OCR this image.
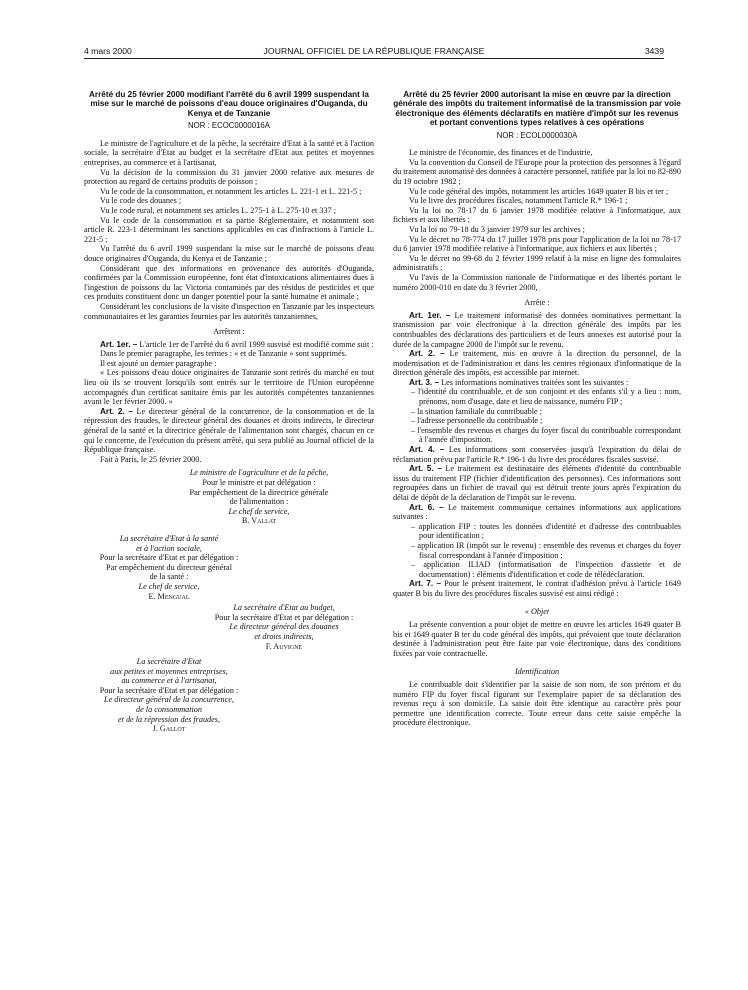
4 mars 2000	JOURNAL OFFICIEL DE LA RÉPUBLIQUE FRANÇAISE	3439
Arrêté du 25 février 2000 modifiant l'arrêté du 6 avril 1999 suspendant la mise sur le marché de poissons d'eau douce originaires d'Ouganda, du Kenya et de Tanzanie
NOR : ECOC0000016A

Le ministre de l'agriculture et de la pêche, la secrétaire d'Etat à la santé et à l'action sociale, la secrétaire d'Etat au budget et la secrétaire d'Etat aux petites et moyennes entreprises, au commerce et à l'artisanat,

Vu la décision de la commission du 31 janvier 2000 relative aux mesures de protection au regard de certains produits de poisson ;

Vu le code de la consommation, et notamment les articles L. 221-1 et L. 221-5 ;

Vu le code des douanes ;

Vu le code rural, et notamment ses articles L. 275-1 à L. 275-10 et 337 ;

Vu le code de la consommation et sa partie Réglementaire, et notamment son article R. 223-1 déterminant les sanctions applicables en cas d'infractions à l'article L. 221-5 ;

Vu l'arrêté du 6 avril 1999 suspendant la mise sur le marché de poissons d'eau douce originaires d'Ouganda, du Kenya et de Tanzanie ;

Considérant que des informations en provenance des autorités d'Ouganda, confirmées par la Commission européenne, font état d'intoxications alimentaires dues à l'ingestion de poissons du lac Victoria contaminés par des résidus de pesticides et que ces produits constituent donc un danger potentiel pour la santé humaine et animale ;

Considérant les conclusions de la visite d'inspection en Tanzanie par les inspecteurs communautaires et les garanties fournies par les autorités tanzaniennes,

Arrêtent :

Art. 1er. – L'article 1er de l'arrêté du 6 avril 1999 susvisé est modifié comme suit :

Dans le premier paragraphe, les termes : « et de Tanzanie » sont supprimés.

Il est ajouté un dernier paragraphe :

« Les poissons d'eau douce originaires de Tanzanie sont retirés du marché en tout lieu où ils se trouvent lorsqu'ils sont entrés sur le territoire de l'Union européenne accompagnés d'un certificat sanitaire émis par les autorités compétentes tanzaniennes avant le 1er février 2000. »

Art. 2. – Le directeur général de la concurrence, de la consommation et de la répression des fraudes, le directeur général des douanes et droits indirects, le directeur général de la santé et la directrice générale de l'alimentation sont chargés, chacun en ce qui le concerne, de l'exécution du présent arrêté, qui sera publié au Journal officiel de la République française.

Fait à Paris, le 25 février 2000.

Le ministre de l'agriculture et de la pêche,
Pour le ministre et par délégation :
Par empêchement de la directrice générale
de l'alimentation :
Le chef de service,
B. Vallat
La secrétaire d'Etat à la santé
et à l'action sociale,
Pour la secrétaire d'Etat et par délégation :
Par empêchement du directeur général
de la santé :
Le chef de service,
E. Mengual
La secrétaire d'Etat au budget,
Pour la secrétaire d'Etat et par délégation :
Le directeur général des douanes
et droits indirects,
F. Auvigne
La secrétaire d'Etat
aux petites et moyennes entreprises,
au commerce et à l'artisanat,
Pour la secrétaire d'Etat et par délégation :
Le directeur général de la concurrence,
de la consommation
et de la répression des fraudes,
J. Gallot
Arrêté du 25 février 2000 autorisant la mise en œuvre par la direction générale des impôts du traitement informatisé de la transmission par voie électronique des éléments déclaratifs en matière d'impôt sur les revenus et portant conventions types relatives à ces opérations
NOR : ECOL0000030A

Le ministre de l'économie, des finances et de l'industrie,

Vu la convention du Conseil de l'Europe pour la protection des personnes à l'égard du traitement automatisé des données à caractère personnel, ratifiée par la loi no 82-890 du 19 octobre 1982 ;

Vu le code général des impôts, notamment les articles 1649 quater B bis et ter ;

Vu le livre des procédures fiscales, notamment l'article R.* 196-1 ;

Vu la loi no 78-17 du 6 janvier 1978 modifiée relative à l'informatique, aux fichiers et aux libertés ;

Vu la loi no 79-18 du 3 janvier 1979 sur les archives ;

Vu le décret no 78-774 du 17 juillet 1978 pris pour l'application de la loi no 78-17 du 6 janvier 1978 modifiée relative à l'informatique, aux fichiers et aux libertés ;

Vu le décret no 99-68 du 2 février 1999 relatif à la mise en ligne des formulaires administratifs ;

Vu l'avis de la Commission nationale de l'informatique et des libertés portant le numéro 2000-010 en date du 3 février 2000,

Arrête :

Art. 1er. – Le traitement informatisé des données nominatives permettant la transmission par voie électronique à la direction générale des impôts par les contribuables des déclarations des particuliers et de leurs annexes est autorisé pour la durée de la campagne 2000 de l'impôt sur le revenu.

Art. 2. – Le traitement, mis en œuvre à la direction du personnel, de la modernisation et de l'administration et dans les centres régionaux d'informatique de la direction générale des impôts, est accessible par internet.

Art. 3. – Les informations nominatives traitées sont les suivantes :

– l'identité du contribuable, et de son conjoint et des enfants s'il y a lieu : nom, prénoms, nom d'usage, date et lieu de naissance, numéro FIP ;
– la situation familiale du contribuable ;
– l'adresse personnelle du contribuable ;
– l'ensemble des revenus et charges du foyer fiscal du contribuable correspondant à l'année d'imposition.

Art. 4. – Les informations sont conservées jusqu'à l'expiration du délai de réclamation prévu par l'article R.* 196-1 du livre des procédures fiscales susvisé.

Art. 5. – Le traitement est destinataire des éléments d'identité du contribuable issus du traitement FIP (fichier d'identification des personnes). Ces informations sont regroupées dans un fichier de travail qui est détruit trente jours après l'expiration du délai de dépôt de la déclaration de l'impôt sur le revenu.

Art. 6. – Le traitement communique certaines informations aux applications suivantes :

– application FIP : toutes les données d'identité et d'adresse des contribuables pour identification ;
– application IR (impôt sur le revenu) : ensemble des revenus et charges du foyer fiscal correspondant à l'année d'imposition ;
– application ILIAD (informatisation de l'inspection d'assiette et de documentation) : éléments d'identification et code de télédéclaration.

Art. 7. – Pour le présent traitement, le contrat d'adhésion prévu à l'article 1649 quater B bis du livre des procédures fiscales susvisé est ainsi rédigé :

« Objet

La présente convention a pour objet de mettre en œuvre les articles 1649 quater B bis et 1649 quater B ter du code général des impôts, qui prévoient que toute déclaration destinée à l'administration peut être faite par voie électronique, dans des conditions fixées par voie contractuelle.

Identification

Le contribuable doit s'identifier par la saisie de son nom, de son prénom et du numéro FIP du foyer fiscal figurant sur l'exemplaire papier de sa déclaration des revenus reçu à son domicile. La saisie doit être identique au caractère près pour permettre une identification correcte. Toute erreur dans cette saisie empêche la procédure électronique.
